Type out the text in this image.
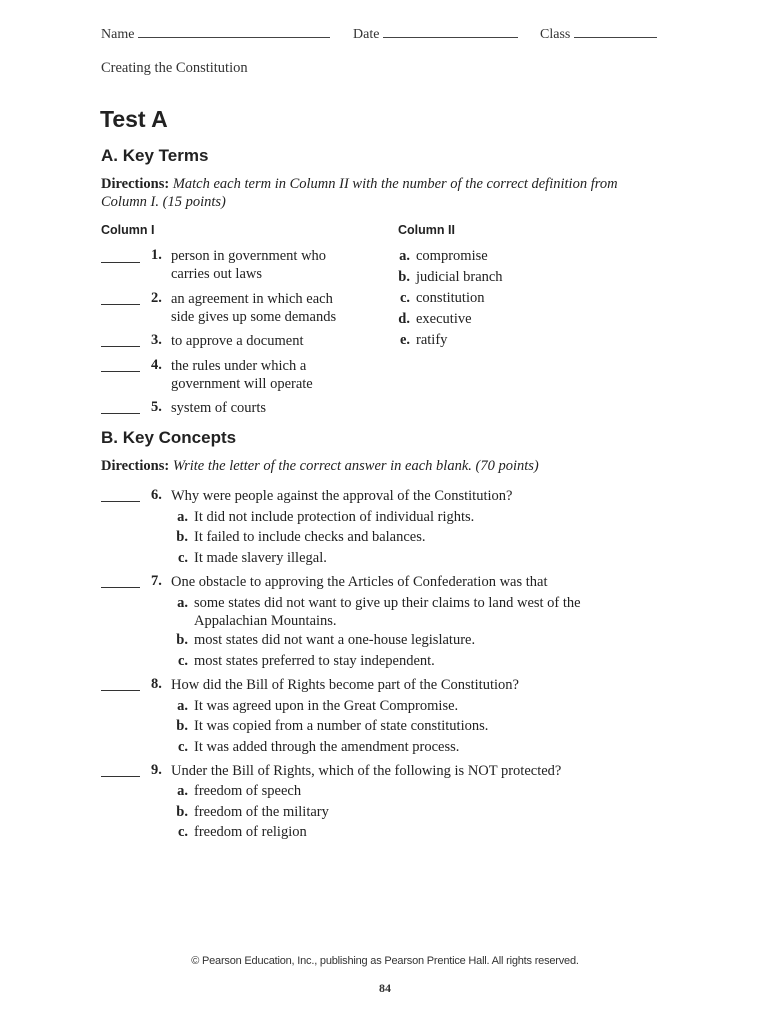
Name	Date	Class
Creating the Constitution
Test A
A. Key Terms
Directions: Match each term in Column II with the number of the correct definition from
Column I. (15 points)
Column I	Column II
1. person in government who
carries out laws
2. an agreement in which each
side gives up some demands
3. to approve a document
4. the rules under which a
government will operate
5. system of courts
a. compromise
b. judicial branch
c. constitution
d. executive
e. ratify
B. Key Concepts
Directions: Write the letter of the correct answer in each blank. (70 points)
6. Why were people against the approval of the Constitution?
a. It did not include protection of individual rights.
b. It failed to include checks and balances.
c. It made slavery illegal.
7. One obstacle to approving the Articles of Confederation was that
a. some states did not want to give up their claims to land west of the
Appalachian Mountains.
b. most states did not want a one-house legislature.
c. most states preferred to stay independent.
8. How did the Bill of Rights become part of the Constitution?
a. It was agreed upon in the Great Compromise.
b. It was copied from a number of state constitutions.
c. It was added through the amendment process.
9. Under the Bill of Rights, which of the following is NOT protected?
a. freedom of speech
b. freedom of the military
c. freedom of religion
© Pearson Education, Inc., publishing as Pearson Prentice Hall. All rights reserved.
84
